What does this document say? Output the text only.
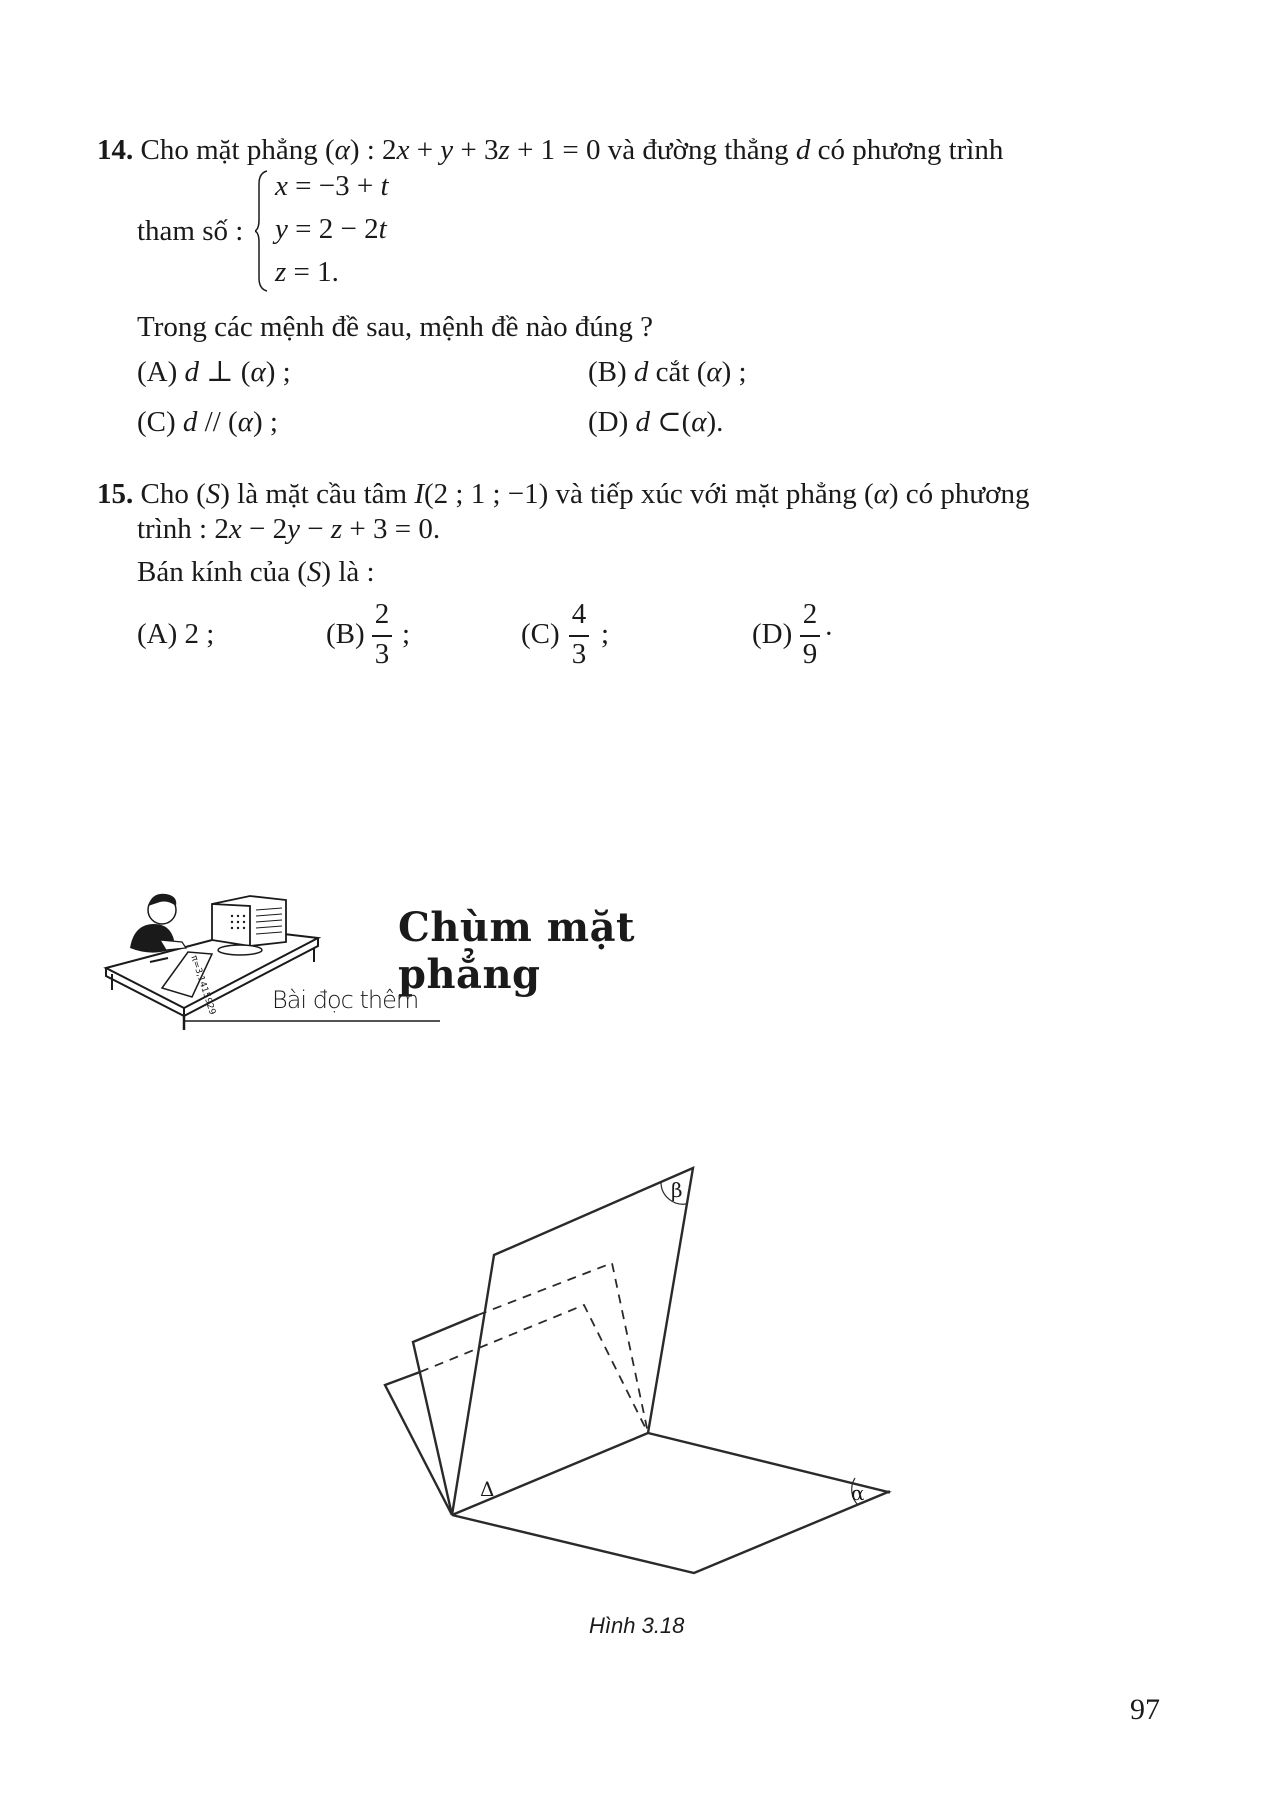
14. Cho mặt phẳng (α) : 2x + y + 3z + 1 = 0 và đường thẳng d có phương trình
tham số :
x = −3 + t
y = 2 − 2t
z = 1.
Trong các mệnh đề sau, mệnh đề nào đúng ?
(A) d ⊥ (α) ;	(B) d cắt (α) ;
(C) d // (α) ;	(D) d ⊂(α).
15. Cho (S) là mặt cầu tâm I(2 ; 1 ; −1) và tiếp xúc với mặt phẳng (α) có phương
trình : 2x − 2y − z + 3 = 0.
Bán kính của (S) là :
(A) 2 ;	(B)
2
3
;	(C)
4
3
;	(D)
2
9
·
π=3,1415929 Bài đọc thêm
Chùm mặt phẳng
β
Δ	α
Hình 3.18
97
